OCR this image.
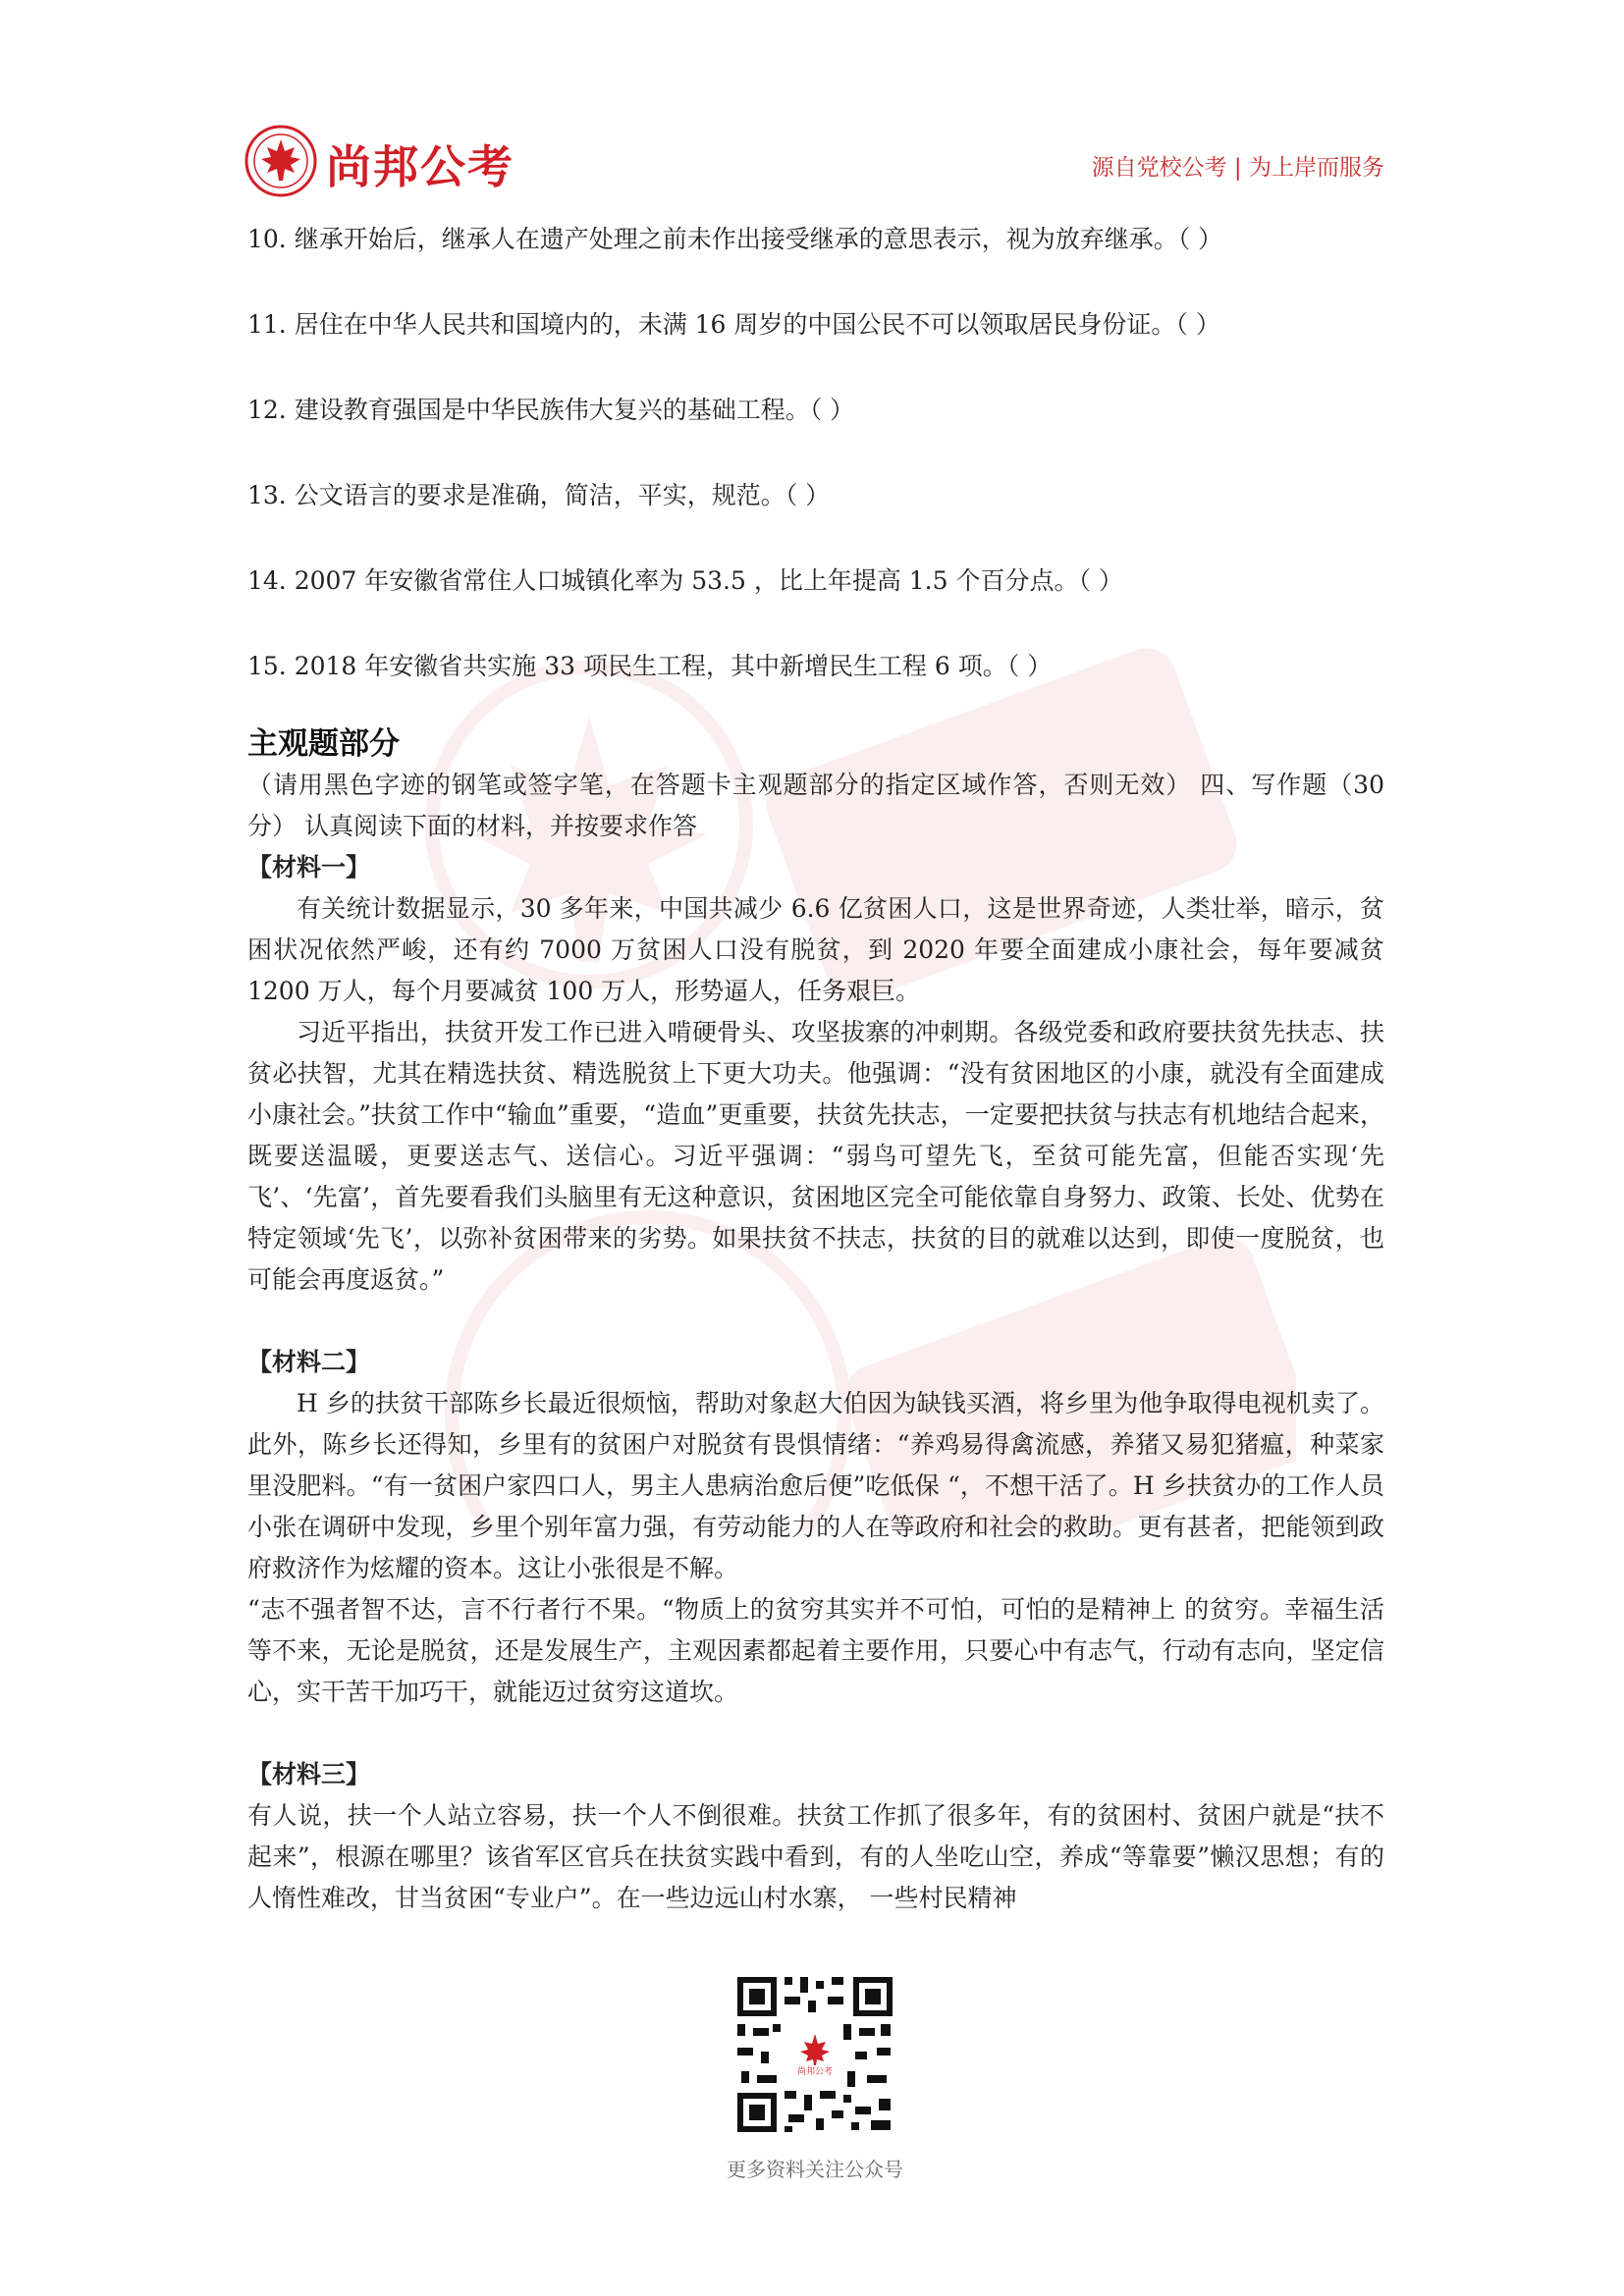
尚邦公考	源自党校公考 | 为上岸而服务

10. 继承开始后，继承人在遗产处理之前未作出接受继承的意思表示，视为放弃继承。（ ）

11. 居住在中华人民共和国境内的，未满 16 周岁的中国公民不可以领取居民身份证。（ ）

12. 建设教育强国是中华民族伟大复兴的基础工程。（ ）

13. 公文语言的要求是准确，简洁，平实，规范。（ ）

14. 2007 年安徽省常住人口城镇化率为 53.5 ，比上年提高 1.5 个百分点。（ ）

15. 2018 年安徽省共实施 33 项民生工程，其中新增民生工程 6 项。（ ）

主观题部分

（请用黑色字迹的钢笔或签字笔，在答题卡主观题部分的指定区域作答，否则无效） 四、写作题（30 分） 认真阅读下面的材料，并按要求作答

【材料一】

有关统计数据显示，30 多年来，中国共减少 6.6 亿贫困人口，这是世界奇迹，人类壮举，暗示，贫困状况依然严峻，还有约 7000 万贫困人口没有脱贫，到 2020 年要全面建成小康社会，每年要减贫 1200 万人，每个月要减贫 100 万人，形势逼人，任务艰巨。

习近平指出，扶贫开发工作已进入啃硬骨头、攻坚拔寨的冲刺期。各级党委和政府要扶贫先扶志、扶贫必扶智，尤其在精选扶贫、精选脱贫上下更大功夫。他强调：“没有贫困地区的小康，就没有全面建成小康社会。”扶贫工作中“输血”重要，“造血”更重要，扶贫先扶志，一定要把扶贫与扶志有机地结合起来，既要送温暖，更要送志气、送信心。习近平强调：“弱鸟可望先飞，至贫可能先富，但能否实现‘先飞’、‘先富’，首先要看我们头脑里有无这种意识，贫困地区完全可能依靠自身努力、政策、长处、优势在特定领域‘先飞’，以弥补贫困带来的劣势。如果扶贫不扶志，扶贫的目的就难以达到，即使一度脱贫，也可能会再度返贫。”

【材料二】

H 乡的扶贫干部陈乡长最近很烦恼，帮助对象赵大伯因为缺钱买酒，将乡里为他争取得电视机卖了。此外，陈乡长还得知，乡里有的贫困户对脱贫有畏惧情绪：“养鸡易得禽流感，养猪又易犯猪瘟，种菜家里没肥料。“有一贫困户家四口人，男主人患病治愈后便”吃低保 “，不想干活了。H 乡扶贫办的工作人员小张在调研中发现，乡里个别年富力强，有劳动能力的人在等政府和社会的救助。更有甚者，把能领到政府救济作为炫耀的资本。这让小张很是不解。

“志不强者智不达，言不行者行不果。“物质上的贫穷其实并不可怕，可怕的是精神上 的贫穷。幸福生活等不来，无论是脱贫，还是发展生产，主观因素都起着主要作用，只要心中有志气，行动有志向，坚定信心，实干苦干加巧干，就能迈过贫穷这道坎。

【材料三】

有人说，扶一个人站立容易，扶一个人不倒很难。扶贫工作抓了很多年，有的贫困村、贫困户就是“扶不起来”，根源在哪里？该省军区官兵在扶贫实践中看到，有的人坐吃山空，养成“等靠要”懒汉思想；有的人惰性难改，甘当贫困“专业户”。在一些边远山村水寨， 一些村民精神

尚邦公考
更多资料关注公众号
